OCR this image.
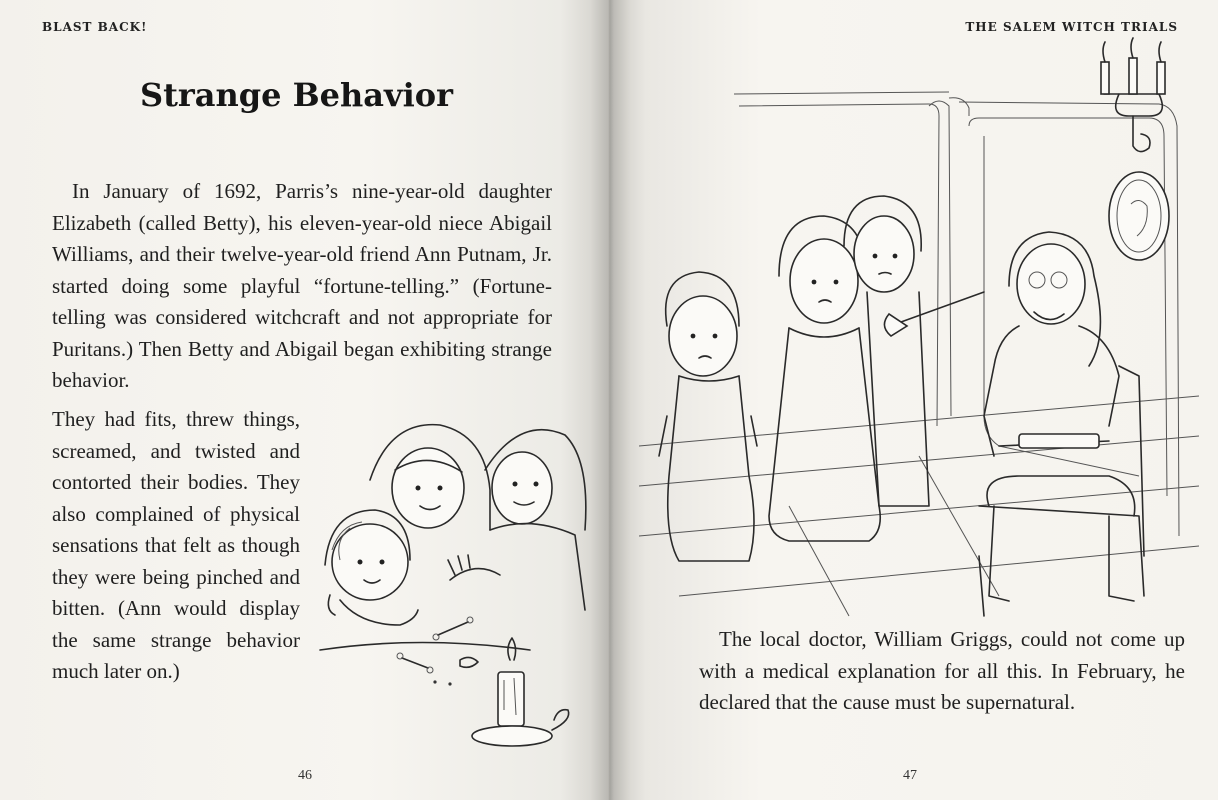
BLAST BACK!
Strange Behavior
In January of 1692, Parris’s nine-year-old daughter Elizabeth (called Betty), his eleven-year-old niece Abigail Williams, and their twelve-year-old friend Ann Putnam, Jr. started doing some playful “fortune-telling.” (Fortune-telling was considered witchcraft and not appropriate for Puritans.) Then Betty and Abigail began exhibiting strange behavior.
They had fits, threw things, screamed, and twisted and contorted their bodies. They also complained of physical sensations that felt as though they were being pinched and bitten. (Ann would display the same strange behavior much later on.)
46
THE SALEM WITCH TRIALS
The local doctor, William Griggs, could not come up with a medical explanation for all this. In February, he declared that the cause must be supernatural.
47
